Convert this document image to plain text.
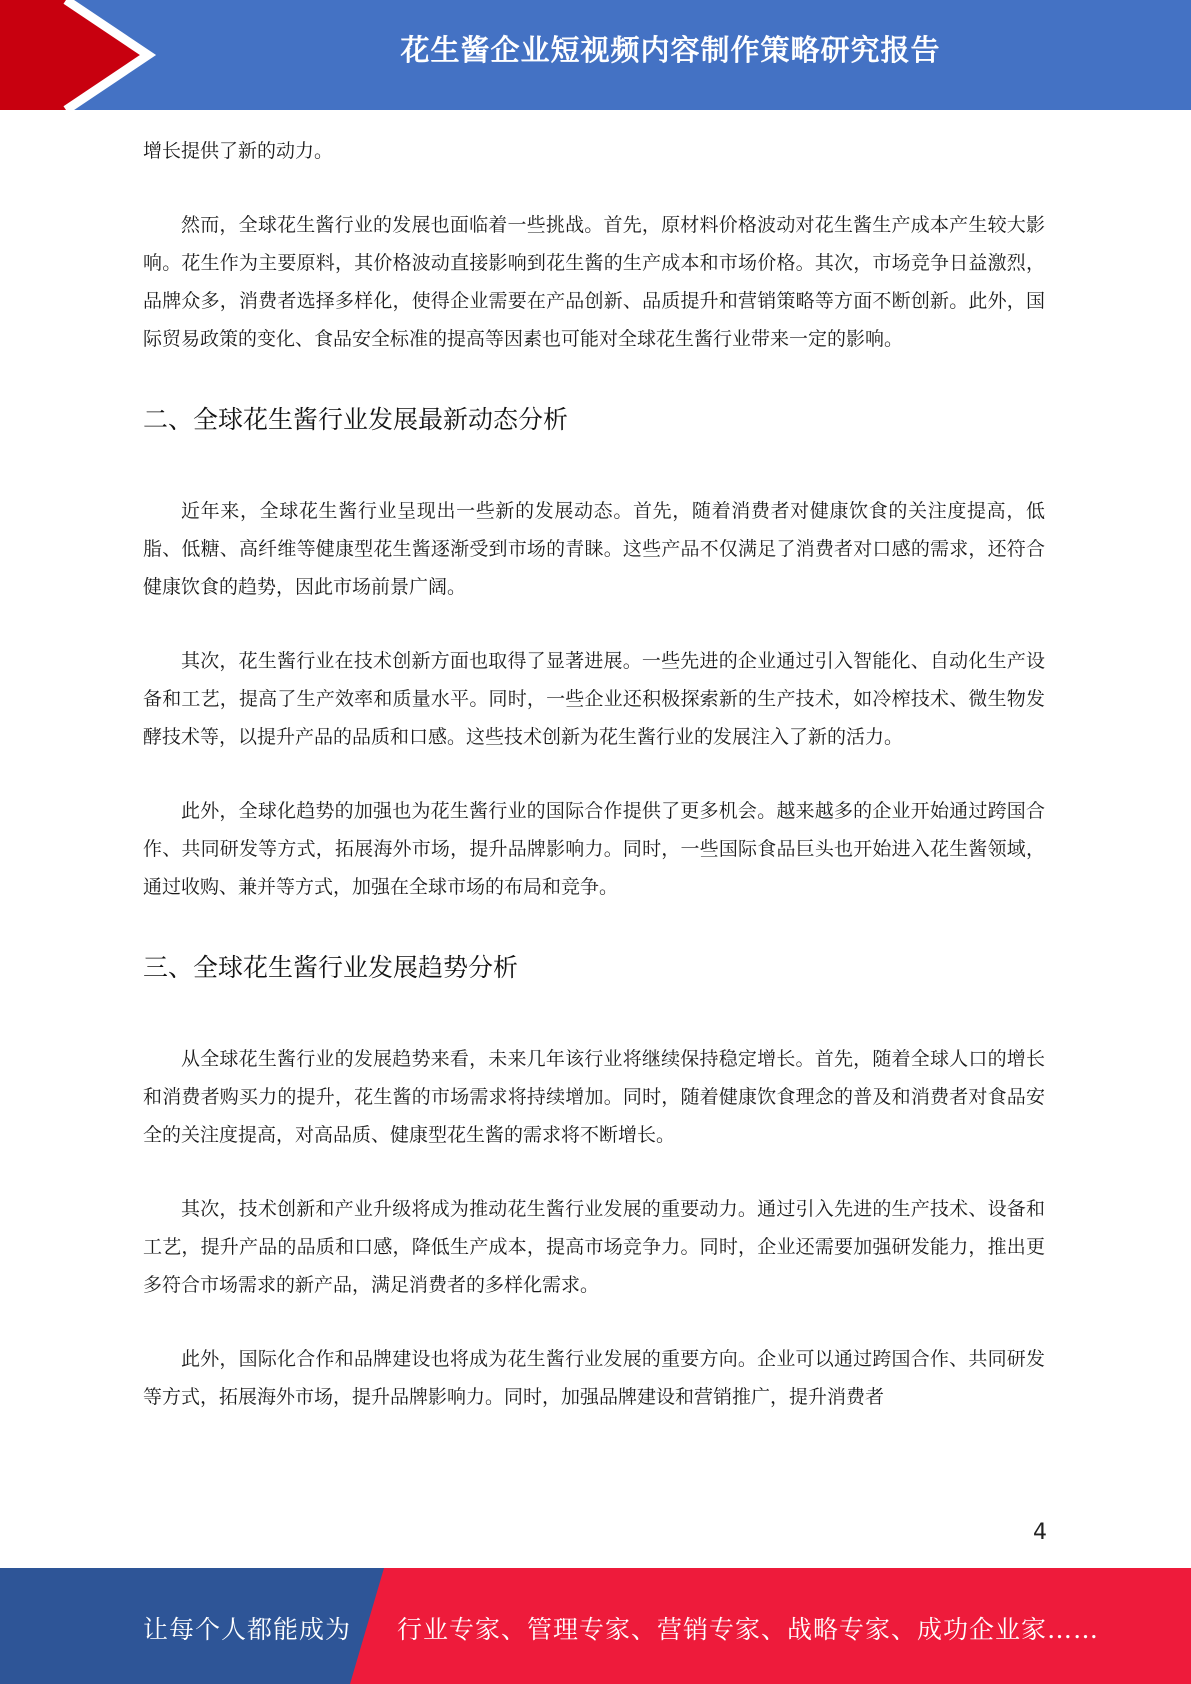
花生酱企业短视频内容制作策略研究报告

增长提供了新的动力。

然而，全球花生酱行业的发展也面临着一些挑战。首先，原材料价格波动对花生酱生产成本产生较大影响。花生作为主要原料，其价格波动直接影响到花生酱的生产成本和市场价格。其次，市场竞争日益激烈，品牌众多，消费者选择多样化，使得企业需要在产品创新、品质提升和营销策略等方面不断创新。此外，国际贸易政策的变化、食品安全标准的提高等因素也可能对全球花生酱行业带来一定的影响。

二、全球花生酱行业发展最新动态分析

近年来，全球花生酱行业呈现出一些新的发展动态。首先，随着消费者对健康饮食的关注度提高，低脂、低糖、高纤维等健康型花生酱逐渐受到市场的青睐。这些产品不仅满足了消费者对口感的需求，还符合健康饮食的趋势，因此市场前景广阔。

其次，花生酱行业在技术创新方面也取得了显著进展。一些先进的企业通过引入智能化、自动化生产设备和工艺，提高了生产效率和质量水平。同时，一些企业还积极探索新的生产技术，如冷榨技术、微生物发酵技术等，以提升产品的品质和口感。这些技术创新为花生酱行业的发展注入了新的活力。

此外，全球化趋势的加强也为花生酱行业的国际合作提供了更多机会。越来越多的企业开始通过跨国合作、共同研发等方式，拓展海外市场，提升品牌影响力。同时，一些国际食品巨头也开始进入花生酱领域，通过收购、兼并等方式，加强在全球市场的布局和竞争。

三、全球花生酱行业发展趋势分析

从全球花生酱行业的发展趋势来看，未来几年该行业将继续保持稳定增长。首先，随着全球人口的增长和消费者购买力的提升，花生酱的市场需求将持续增加。同时，随着健康饮食理念的普及和消费者对食品安全的关注度提高，对高品质、健康型花生酱的需求将不断增长。

其次，技术创新和产业升级将成为推动花生酱行业发展的重要动力。通过引入先进的生产技术、设备和工艺，提升产品的品质和口感，降低生产成本，提高市场竞争力。同时，企业还需要加强研发能力，推出更多符合市场需求的新产品，满足消费者的多样化需求。

此外，国际化合作和品牌建设也将成为花生酱行业发展的重要方向。企业可以通过跨国合作、共同研发等方式，拓展海外市场，提升品牌影响力。同时，加强品牌建设和营销推广，提升消费者

4
让每个人都能成为 行业专家、管理专家、营销专家、战略专家、成功企业家……
